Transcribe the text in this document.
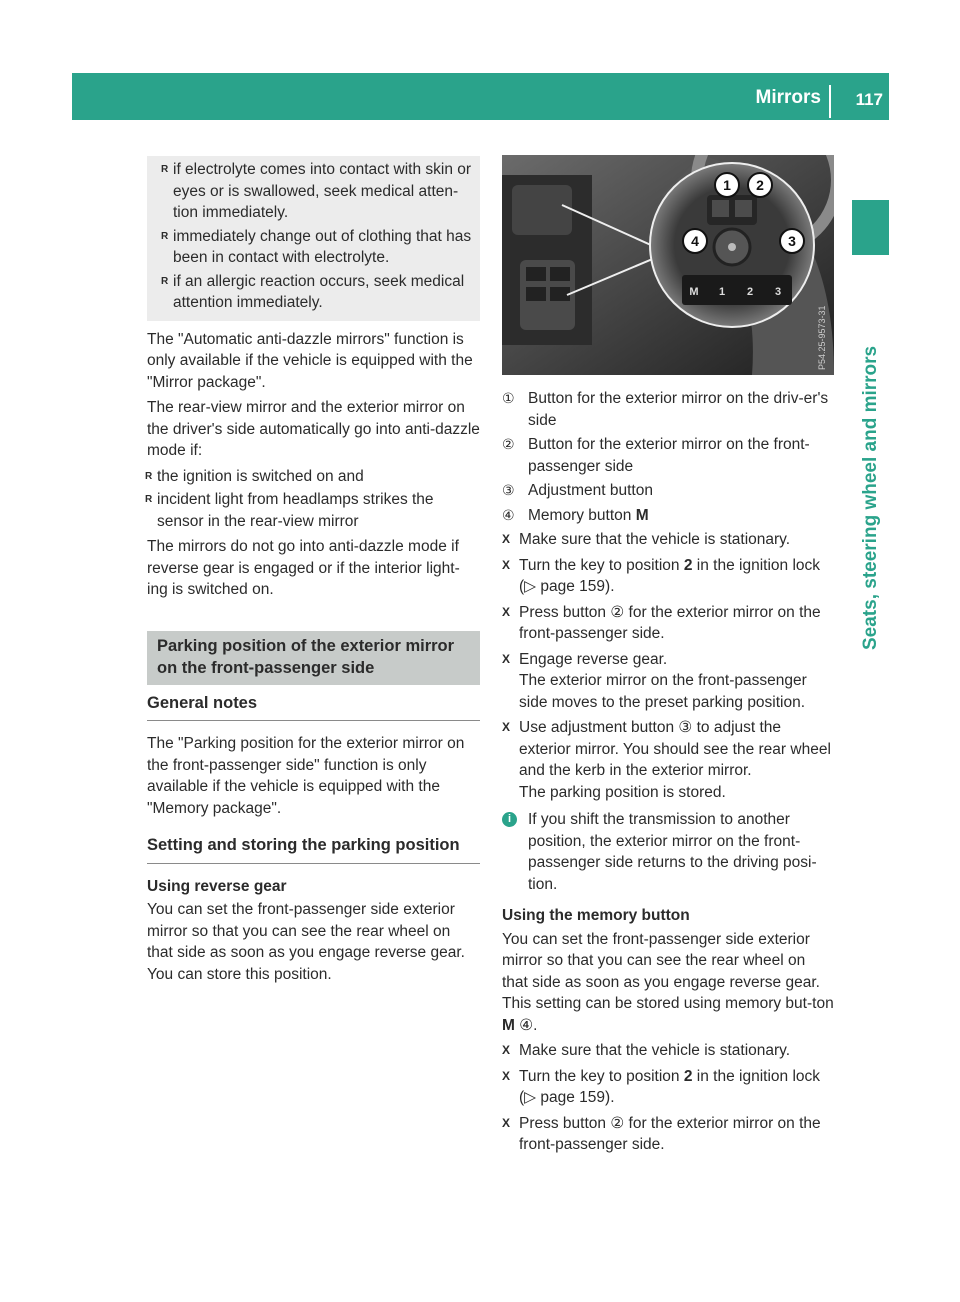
Mirrors 117
Seats, steering wheel and mirrors
R if electrolyte comes into contact with skin or eyes or is swallowed, seek medical atten-tion immediately.
R immediately change out of clothing that has been in contact with electrolyte.
R if an allergic reaction occurs, seek medical attention immediately.

The "Automatic anti-dazzle mirrors" function is only available if the vehicle is equipped with the "Mirror package".

The rear-view mirror and the exterior mirror on the driver's side automatically go into anti-dazzle mode if:

R the ignition is switched on and
R incident light from headlamps strikes the sensor in the rear-view mirror

The mirrors do not go into anti-dazzle mode if reverse gear is engaged or if the interior light-ing is switched on.

Parking position of the exterior mirror on the front-passenger side
General notes

The "Parking position for the exterior mirror on the front-passenger side" function is only available if the vehicle is equipped with the "Memory package".

Setting and storing the parking position
Using reverse gear

You can set the front-passenger side exterior mirror so that you can see the rear wheel on that side as soon as you engage reverse gear. You can store this position.

1 2
3
4
M 1 2 3
P54.25-9573-31
① Button for the exterior mirror on the driv-er's side
② Button for the exterior mirror on the front-passenger side
③ Adjustment button
④ Memory button M
X Make sure that the vehicle is stationary.
X Turn the key to position 2 in the ignition lock (▷ page 159).
X Press button ② for the exterior mirror on the front-passenger side.
X Engage reverse gear.
The exterior mirror on the front-passenger side moves to the preset parking position.
X Use adjustment button ③ to adjust the exterior mirror. You should see the rear wheel and the kerb in the exterior mirror.
The parking position is stored.
i	If you shift the transmission to another position, the exterior mirror on the front-passenger side returns to the driving posi-tion.
Using the memory button

You can set the front-passenger side exterior mirror so that you can see the rear wheel on that side as soon as you engage reverse gear. This setting can be stored using memory but-ton M ④.

X Make sure that the vehicle is stationary.
X Turn the key to position 2 in the ignition lock (▷ page 159).
X Press button ② for the exterior mirror on the front-passenger side.
